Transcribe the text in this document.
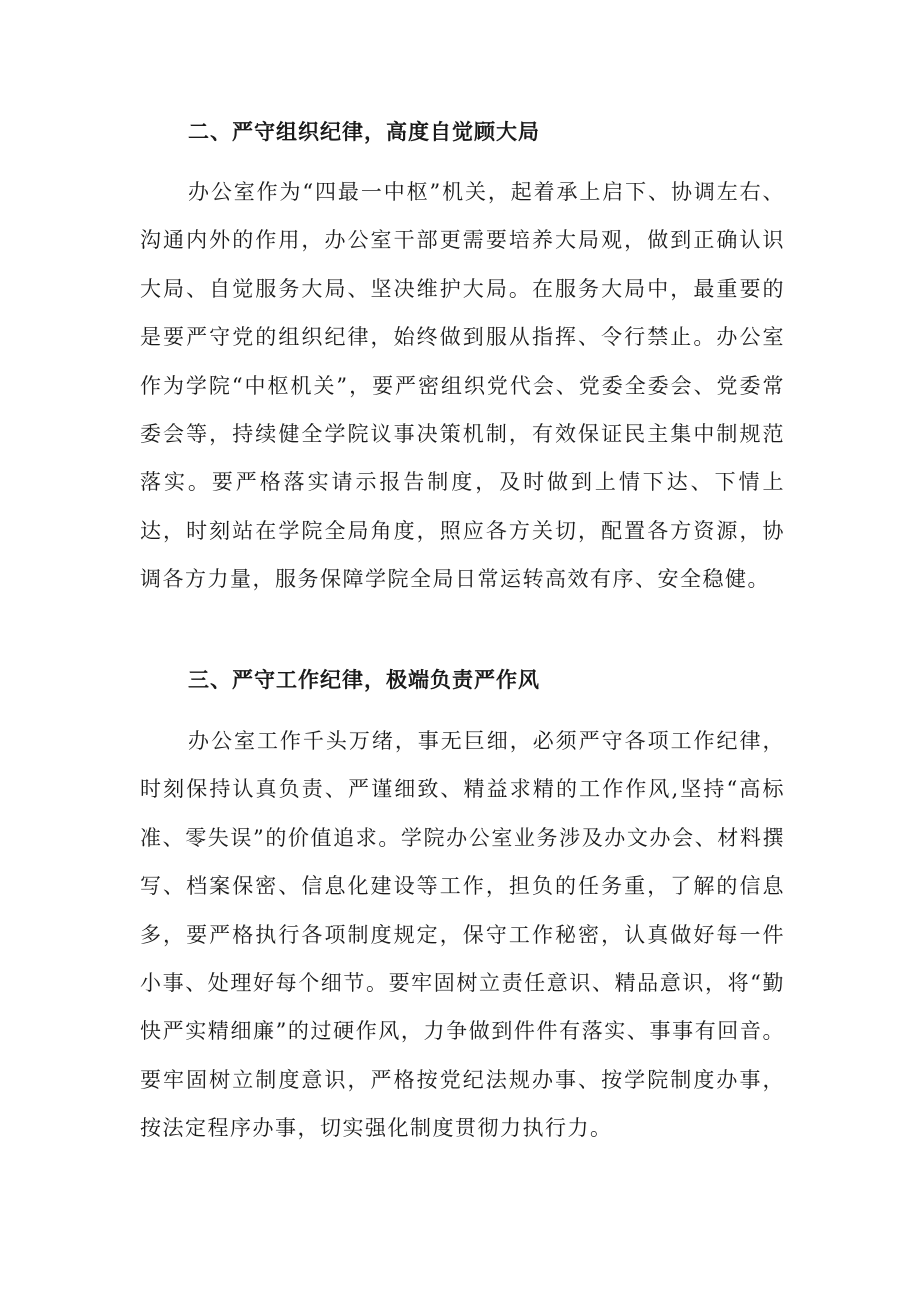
二、严守组织纪律，高度自觉顾大局
办公室作为“四最一中枢”机关，起着承上启下、协调左右、沟通内外的作用，办公室干部更需要培养大局观，做到正确认识大局、自觉服务大局、坚决维护大局。在服务大局中，最重要的是要严守党的组织纪律，始终做到服从指挥、令行禁止。办公室作为学院“中枢机关”，要严密组织党代会、党委全委会、党委常委会等，持续健全学院议事决策机制，有效保证民主集中制规范落实。要严格落实请示报告制度，及时做到上情下达、下情上达，时刻站在学院全局角度，照应各方关切，配置各方资源，协调各方力量，服务保障学院全局日常运转高效有序、安全稳健。
三、严守工作纪律，极端负责严作风
办公室工作千头万绪，事无巨细，必须严守各项工作纪律，时刻保持认真负责、严谨细致、精益求精的工作作风,坚持“高标准、零失误”的价值追求。学院办公室业务涉及办文办会、材料撰写、档案保密、信息化建设等工作，担负的任务重，了解的信息多，要严格执行各项制度规定，保守工作秘密，认真做好每一件小事、处理好每个细节。要牢固树立责任意识、精品意识，将“勤快严实精细廉”的过硬作风，力争做到件件有落实、事事有回音。要牢固树立制度意识，严格按党纪法规办事、按学院制度办事，按法定程序办事，切实强化制度贯彻力执行力。
